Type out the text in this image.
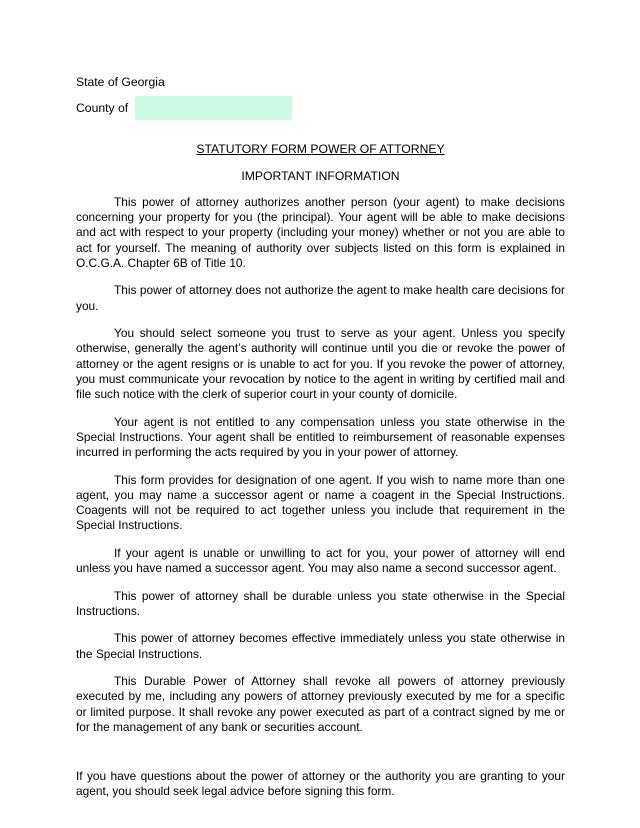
State of Georgia
County of
STATUTORY FORM POWER OF ATTORNEY
IMPORTANT INFORMATION

This power of attorney authorizes another person (your agent) to make decisions concerning your property for you (the principal). Your agent will be able to make decisions and act with respect to your property (including your money) whether or not you are able to act for yourself. The meaning of authority over subjects listed on this form is explained in O.C.G.A. Chapter 6B of Title 10.

This power of attorney does not authorize the agent to make health care decisions for you.

You should select someone you trust to serve as your agent. Unless you specify otherwise, generally the agent’s authority will continue until you die or revoke the power of attorney or the agent resigns or is unable to act for you. If you revoke the power of attorney, you must communicate your revocation by notice to the agent in writing by certified mail and file such notice with the clerk of superior court in your county of domicile.

Your agent is not entitled to any compensation unless you state otherwise in the Special Instructions. Your agent shall be entitled to reimbursement of reasonable expenses incurred in performing the acts required by you in your power of attorney.

This form provides for designation of one agent. If you wish to name more than one agent, you may name a successor agent or name a coagent in the Special Instructions. Coagents will not be required to act together unless you include that requirement in the Special Instructions.

If your agent is unable or unwilling to act for you, your power of attorney will end unless you have named a successor agent. You may also name a second successor agent.

This power of attorney shall be durable unless you state otherwise in the Special Instructions.

This power of attorney becomes effective immediately unless you state otherwise in the Special Instructions.

This Durable Power of Attorney shall revoke all powers of attorney previously executed by me, including any powers of attorney previously executed by me for a specific or limited purpose. It shall revoke any power executed as part of a contract signed by me or for the management of any bank or securities account.

If you have questions about the power of attorney or the authority you are granting to your agent, you should seek legal advice before signing this form.
